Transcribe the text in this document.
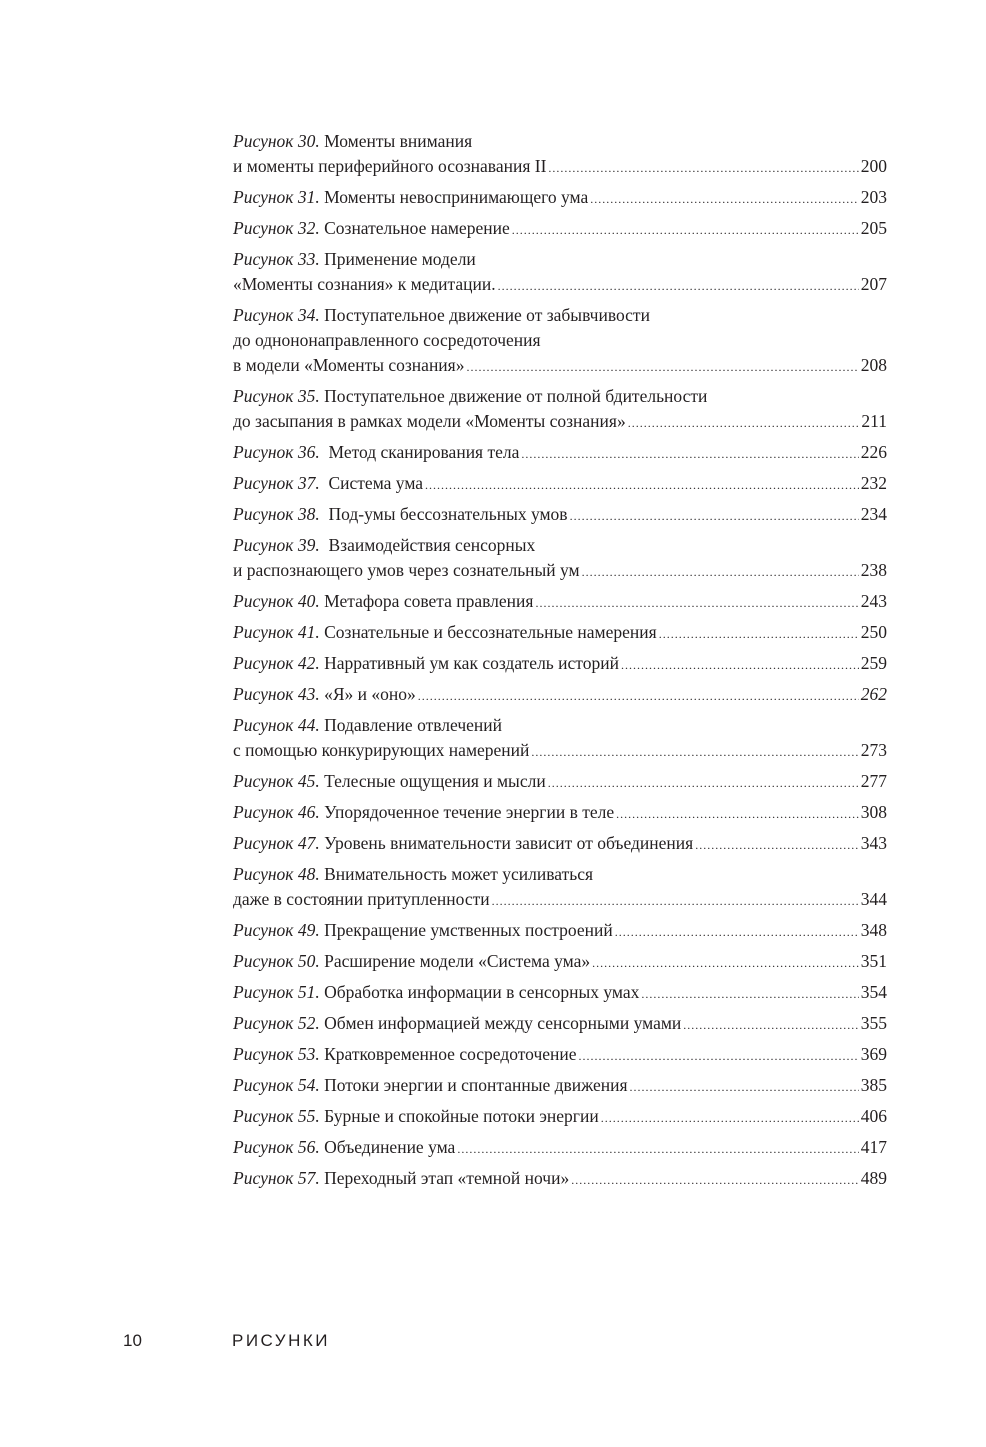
Рисунок 30.
Моменты внимания
и моменты периферийного осознавания II .....	200
Рисунок 31.
Моменты невоспринимающего ума .....	203
Рисунок 32.
Сознательное намерение .....	205
Рисунок 33.
Применение модели
«Моменты сознания» к медитации. .....	207
Рисунок 34.
Поступательное движение от забывчивости
до однононаправленного сосредоточения
в модели «Моменты сознания» .....	208
Рисунок 35.
Поступательное движение от полной бдительности
до засыпания в рамках модели «Моменты сознания» .....	211
Рисунок 36.
Метод сканирования тела .....	226
Рисунок 37.
Система ума .....	232
Рисунок 38.
Под-умы бессознательных умов .....	234
Рисунок 39.
Взаимодействия сенсорных
и распознающего умов через сознательный ум .....	238
Рисунок 40.
Метафора совета правления .....	243
Рисунок 41.
Сознательные и бессознательные намерения .....	250
Рисунок 42.
Нарративный ум как создатель историй .....	259
Рисунок 43.
«Я» и «оно» .....	262
Рисунок 44.
Подавление отвлечений
с помощью конкурирующих намерений .....	273
Рисунок 45.
Телесные ощущения и мысли .....	277
Рисунок 46.
Упорядоченное течение энергии в теле .....	308
Рисунок 47.
Уровень внимательности зависит от объединения .....	343
Рисунок 48.
Внимательность может усиливаться
даже в состоянии притупленности .....	344
Рисунок 49.
Прекращение умственных построений .....	348
Рисунок 50.
Расширение модели «Система ума» .....	351
Рисунок 51.
Обработка информации в сенсорных умах .....	354
Рисунок 52.
Обмен информацией между сенсорными умами .....	355
Рисунок 53.
Кратковременное сосредоточение .....	369
Рисунок 54.
Потоки энергии и спонтанные движения .....	385
Рисунок 55.
Бурные и спокойные потоки энергии .....	406
Рисунок 56.
Объединение ума .....	417
Рисунок 57.
Переходный этап «темной ночи» .....	489
10	РИСУНКИ
